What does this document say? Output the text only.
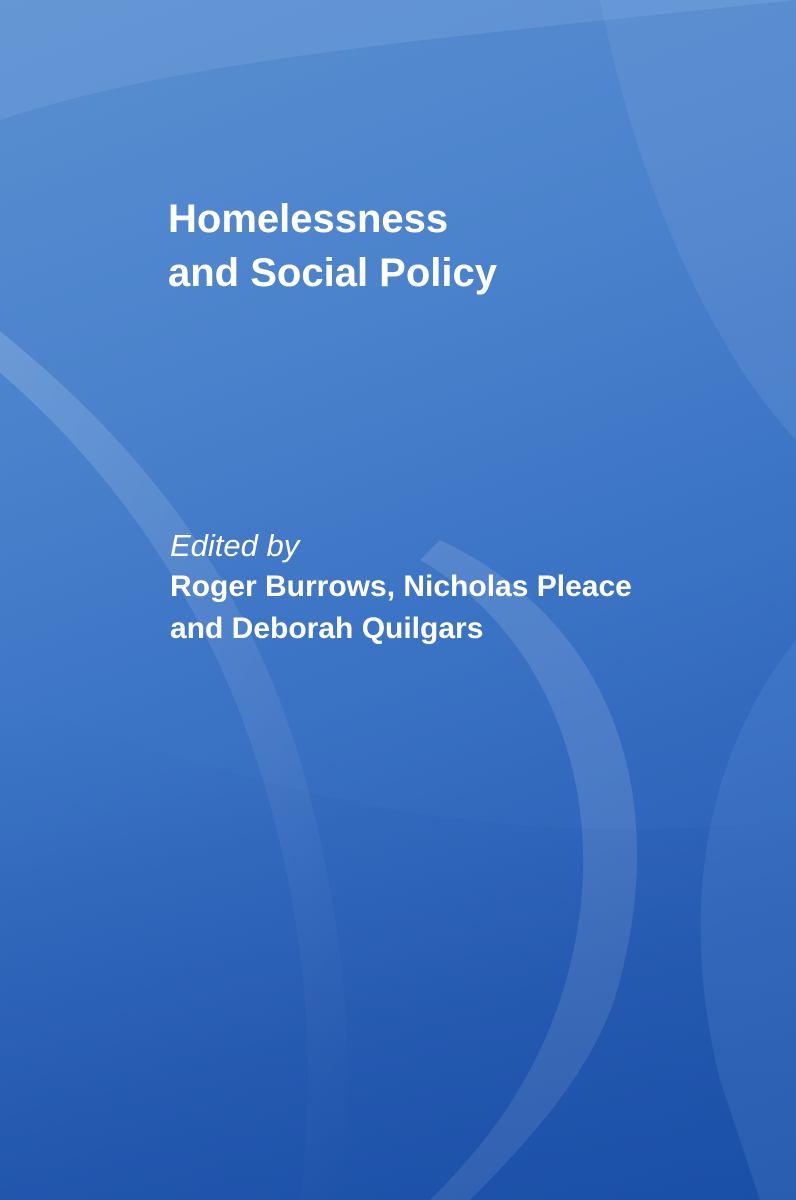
Homelessness
and Social Policy
Edited by
Roger Burrows, Nicholas Pleace
and Deborah Quilgars
